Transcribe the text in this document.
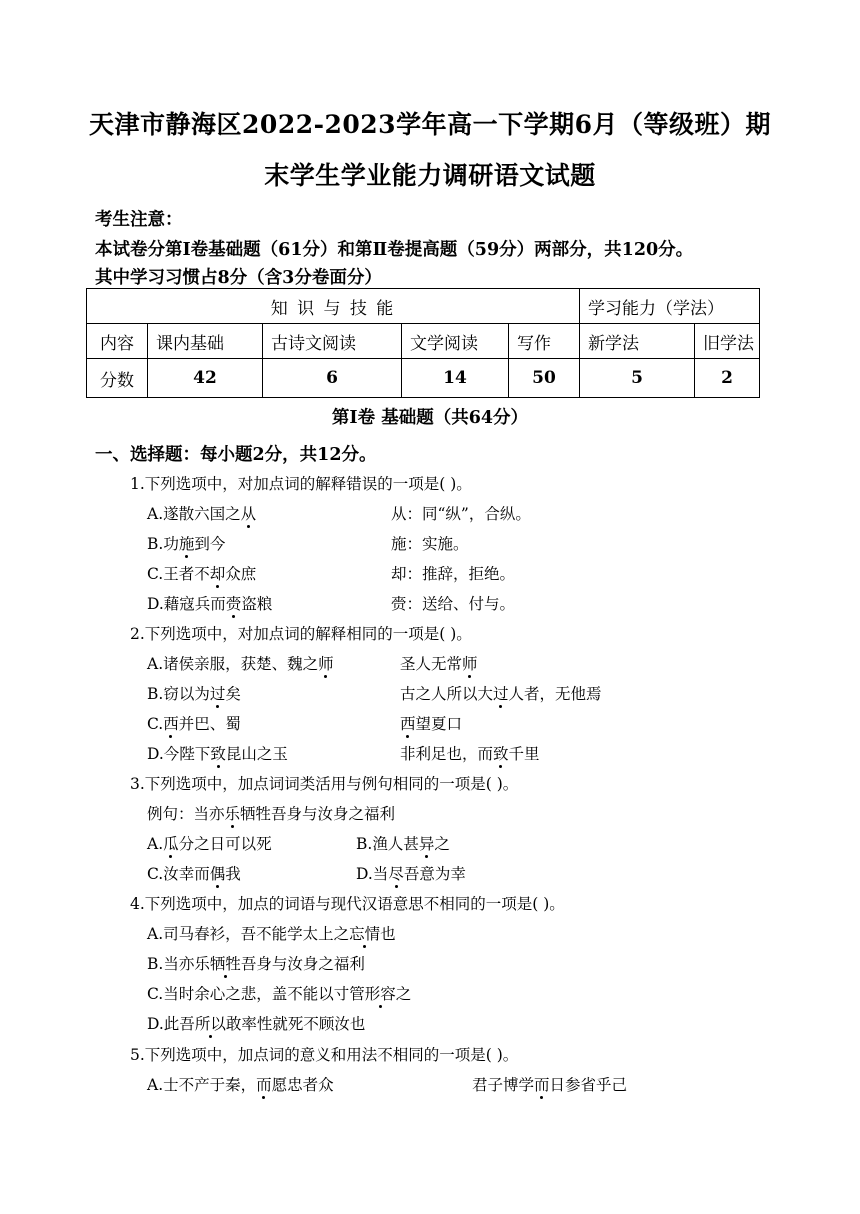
天津市静海区2022-2023学年高一下学期6月（等级班）期
末学生学业能力调研语文试题
考生注意：
本试卷分第Ⅰ卷基础题（61分）和第Ⅱ卷提高题（59分）两部分，共120分。
其中学习习惯占8分（含3分卷面分）
知 识 与 技 能					学习能力（学法）	
内容	课内基础	古诗文阅读	文学阅读	写作	新学法	旧学法
分数	42	6	14	50	5	2
第Ⅰ卷 基础题（共64分）
一、选择题：每小题2分，共12分。
1.下列选项中，对加点词的解释错误的一项是( )。
A.遂散六国之从	从：同“纵”，合纵。
B.功施到今	施：实施。
C.王者不却众庶	却：推辞，拒绝。
D.藉寇兵而赍盗粮	赍：送给、付与。
2.下列选项中，对加点词的解释相同的一项是( )。
A.诸侯亲服，获楚、魏之师	圣人无常师
B.窃以为过矣	古之人所以大过人者，无他焉
C.西并巴、蜀	西望夏口
D.今陛下致昆山之玉	非利足也，而致千里
3.下列选项中，加点词词类活用与例句相同的一项是( )。
例句：当亦乐牺牲吾身与汝身之福利
A.瓜分之日可以死	B.渔人甚异之
C.汝幸而偶我	D.当尽吾意为幸
4.下列选项中，加点的词语与现代汉语意思不相同的一项是( )。
A.司马春衫，吾不能学太上之忘情也
B.当亦乐牺牲吾身与汝身之福利
C.当时余心之悲，盖不能以寸管形容之
D.此吾所以敢率性就死不顾汝也
5.下列选项中，加点词的意义和用法不相同的一项是( )。
A.士不产于秦，而愿忠者众	君子博学而日参省乎己
